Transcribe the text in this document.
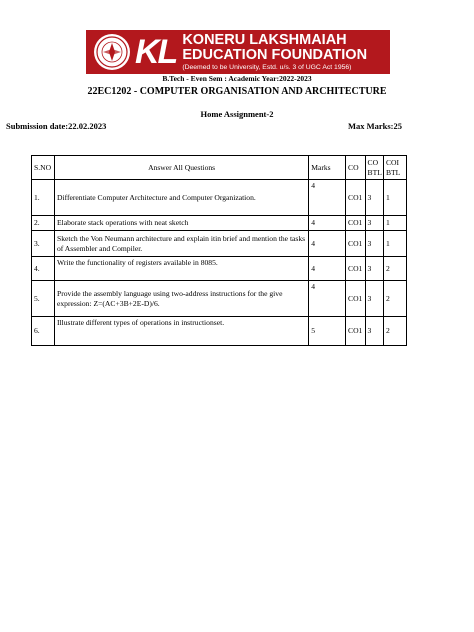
KL KONERU LAKSHMAIAH
EDUCATION FOUNDATION
(Deemed to be University, Estd. u/s. 3 of UGC Act 1956)
DEEMED TO BE UNIVERSITY
B.Tech - Even Sem : Academic Year:2022-2023
22EC1202 - COMPUTER ORGANISATION AND ARCHITECTURE
Home Assignment-2
Submission date:22.02.2023	Max Marks:25
S.NO	Answer All Questions	Marks	CO	CO BTL	COI BTL
1.	Differentiate Computer Architecture and Computer Organization.	4	CO1	3	1
2.	Elaborate stack operations with neat sketch	4	CO1	3	1
3.	Sketch the Von Neumann architecture and explain itin brief and mention the tasks of Assembler and Compiler.	4	CO1	3	1
4.	Write the functionality of registers available in 8085.	4	CO1	3	2
5.	Provide the assembly language using two-address instructions for the give expression: Z=(AC+3B+2E-D)/6.	4	CO1	3	2
6.	Illustrate different types of operations in instructionset.	5	CO1	3	2
